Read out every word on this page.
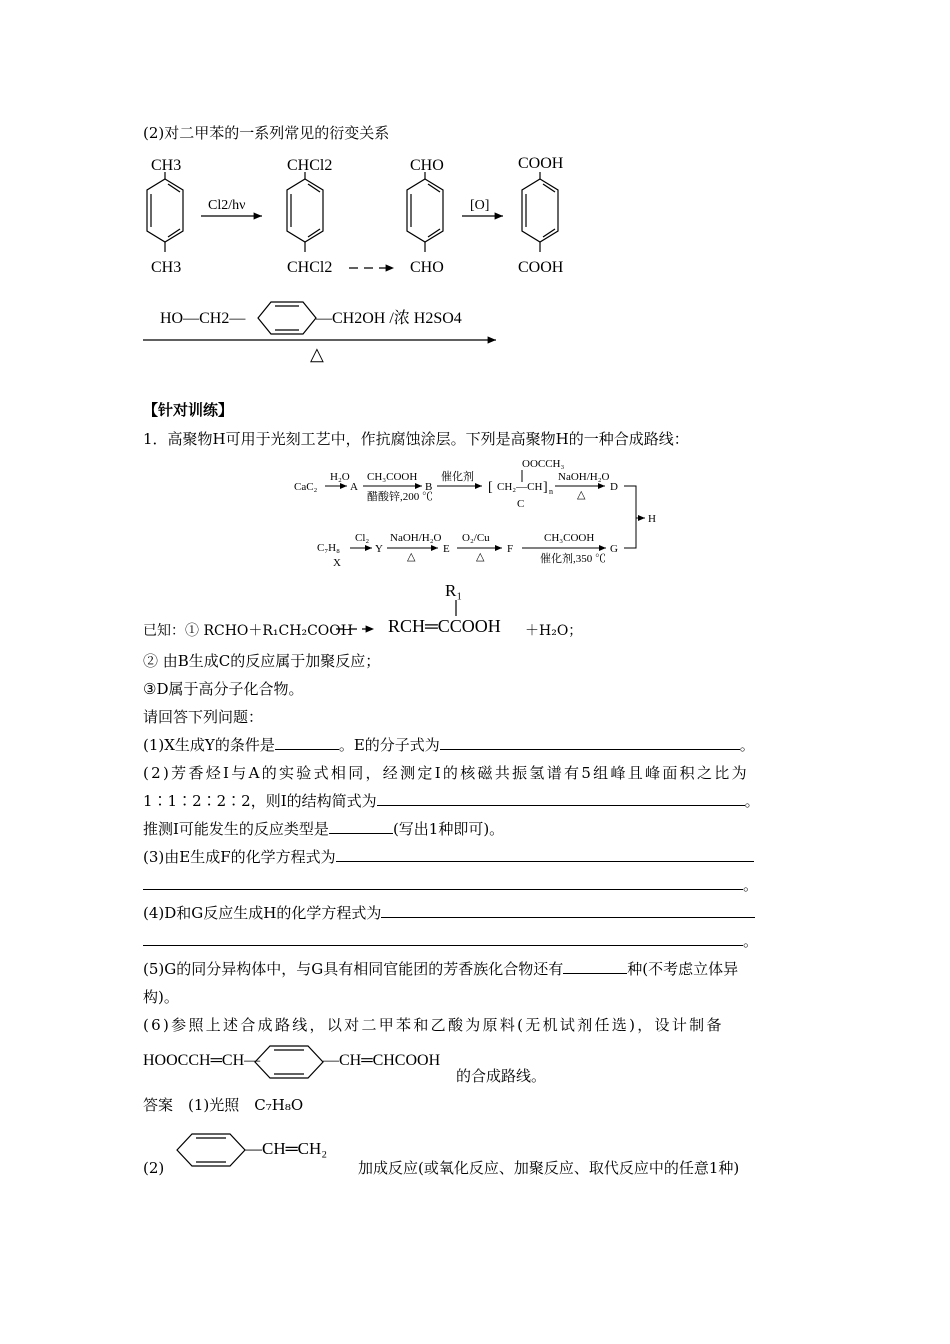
(2)对二甲苯的一系列常见的衍变关系
CH3
CH3
Cl2/hν
CHCl2
CHCl2
CHO
CHO
[O]
COOH
COOH
HO—CH2—	—CH2OH /浓 H2SO4
△
CaC₂
H₂O
A
CH₃COOH
醋酸锌,200 ℃
B
催化剂
OOCCH₃
[ CH₂—CH ] n
C
NaOH/H₂O
△
D
H
C₇H₈
X
Cl₂
Y
NaOH/H₂O
△
E
O₂/Cu
△
F
CH₃COOH
催化剂,350 ℃
G
R₁
【针对训练】
1．高聚物H可用于光刻工艺中，作抗腐蚀涂层。下列是高聚物H的一种合成路线：
已知：① RCHO＋R₁CH₂COOH RCH═CCOOH ＋H₂O；
② 由B生成C的反应属于加聚反应；
③D属于高分子化合物。
请回答下列问题：
(1)X生成Y的条件是	。E的分子式为	。
(2)芳香烃I与A的实验式相同，经测定I的核磁共振氢谱有5组峰且峰面积之比为
1∶1∶2∶2∶2，则I的结构简式为	。
推测I可能发生的反应类型是	(写出1种即可)。
(3)由E生成F的化学方程式为
。
(4)D和G反应生成H的化学方程式为
。
(5)G的同分异构体中，与G具有相同官能团的芳香族化合物还有	种(不考虑立体异
构)。
(6)参照上述合成路线，以对二甲苯和乙酸为原料(无机试剂任选)，设计制备
HOOCCH═CH—	—CH═CHCOOH
的合成路线。
答案　 (1)光照　C₇H₈O
(2)
—CH═CH₂
加成反应(或氧化反应、加聚反应、取代反应中的任意1种)
